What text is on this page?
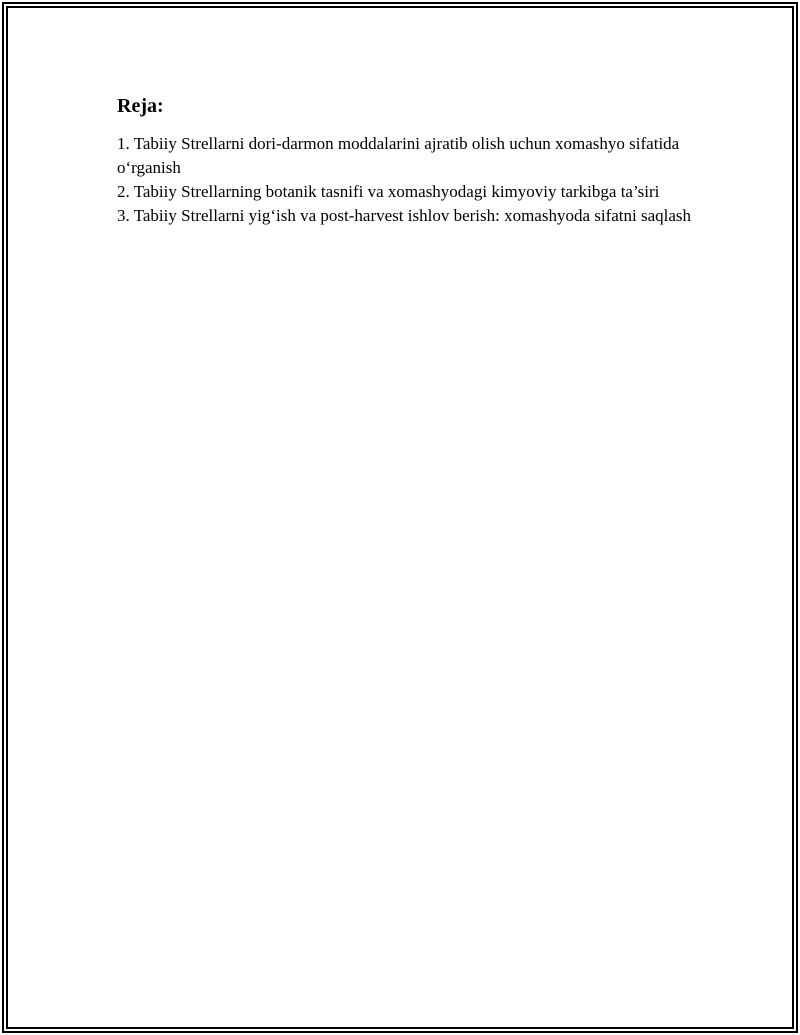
Reja:
1. Tabiiy Strellarni dori-darmon moddalarini ajratib olish uchun xomashyo sifatida o‘rganish
2. Tabiiy Strellarning botanik tasnifi va xomashyodagi kimyoviy tarkibga ta’siri
3. Tabiiy Strellarni yig‘ish va post-harvest ishlov berish: xomashyoda sifatni saqlash
